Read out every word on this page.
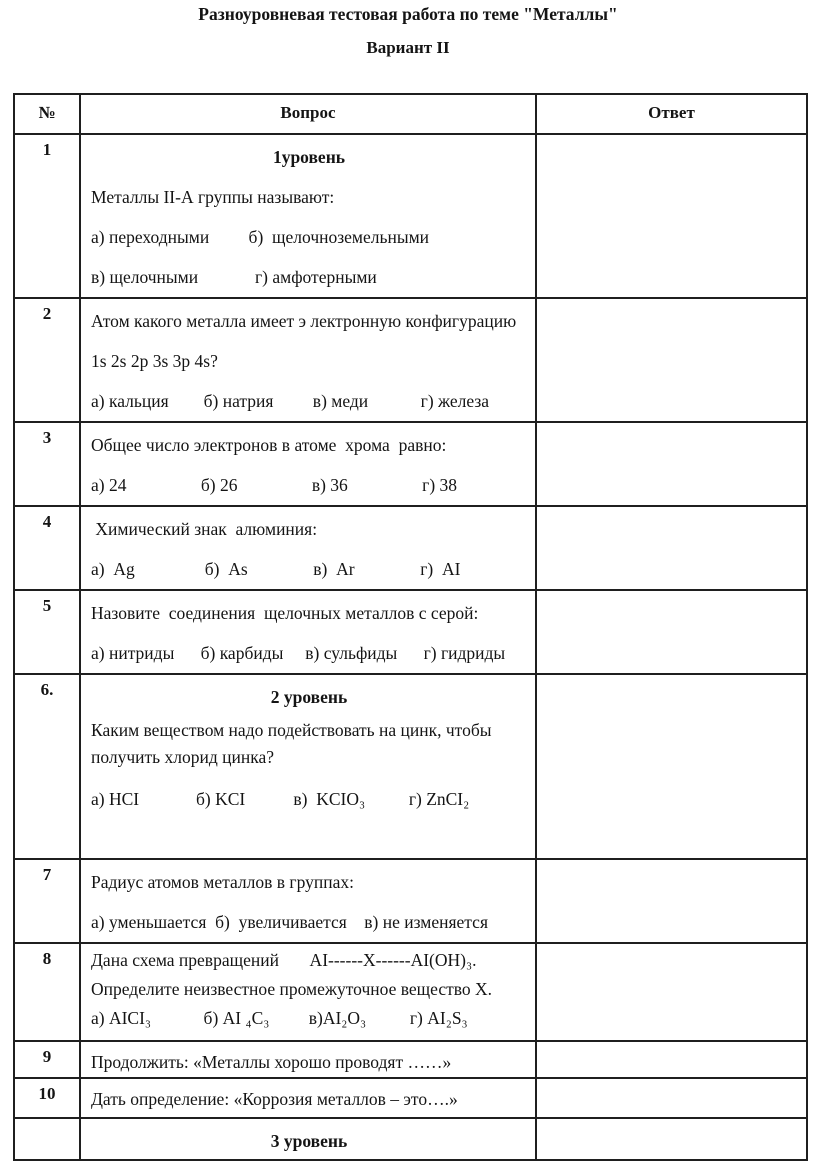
Разноуровневая тестовая работа по теме "Металлы"
Вариант II
№	Вопрос	Ответ
1	1уровень
Металлы II-А группы называют:
а) переходными         б)  щелочноземельными
в) щелочными             г) амфотерными	

2	Атом какого металла имеет э лектронную конфигурацию
1s 2s 2p 3s 3p 4s?
а) кальция        б) натрия         в) меди            г) железа	

3	Общее число электронов в атоме  хрома  равно:
а) 24                 б) 26                 в) 36                 г) 38	

4	Химический знак  алюминия:
а)  Ag                б)  As               в)  Ar               г)  AI	

5	Назовите  соединения  щелочных металлов с серой:
а) нитриды      б) карбиды     в) сульфиды      г) гидриды	

6.	2 уровень
Каким веществом надо подействовать на цинк, чтобы
получить хлорид цинка?
а) HCI             б) KCI           в)  KCIO₃          г) ZnCI₂	

7	Радиус атомов металлов в группах:
а) уменьшается  б)  увеличивается    в) не изменяется	

8	Дана схема превращений       AI------X------AI(OH)₃.
Определите неизвестное промежуточное вещество X.
а) AICI₃            б) AI ₄C₃         в)AI₂O₃          г) AI₂S₃	

9	Продолжить: «Металлы хорошо проводят ……»	

10	Дать определение: «Коррозия металлов – это….»	

	3 уровень	
